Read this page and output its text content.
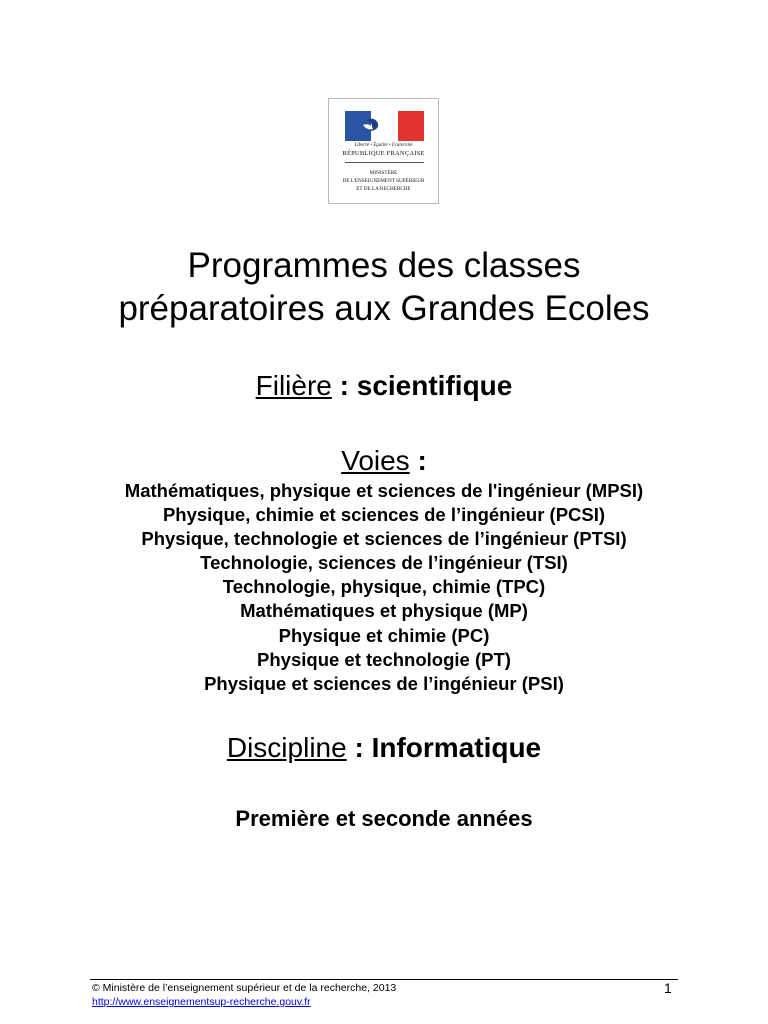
Liberté • Égalité • Fraternité
RÉPUBLIQUE FRANÇAISE
MINISTÈRE
DE L'ENSEIGNEMENT SUPÉRIEUR
ET DE LA RECHERCHE
Programmes des classes
préparatoires aux Grandes Ecoles
Filière : scientifique
Voies :
Mathématiques, physique et sciences de l'ingénieur (MPSI)
Physique, chimie et sciences de l’ingénieur (PCSI)
Physique, technologie et sciences de l’ingénieur (PTSI)
Technologie, sciences de l’ingénieur (TSI)
Technologie, physique, chimie (TPC)
Mathématiques et physique (MP)
Physique et chimie (PC)
Physique et technologie (PT)
Physique et sciences de l’ingénieur (PSI)
Discipline : Informatique

Première et seconde années

© Ministère de l’enseignement supérieur et de la recherche, 2013
http://www.enseignementsup-recherche.gouv.fr
1
